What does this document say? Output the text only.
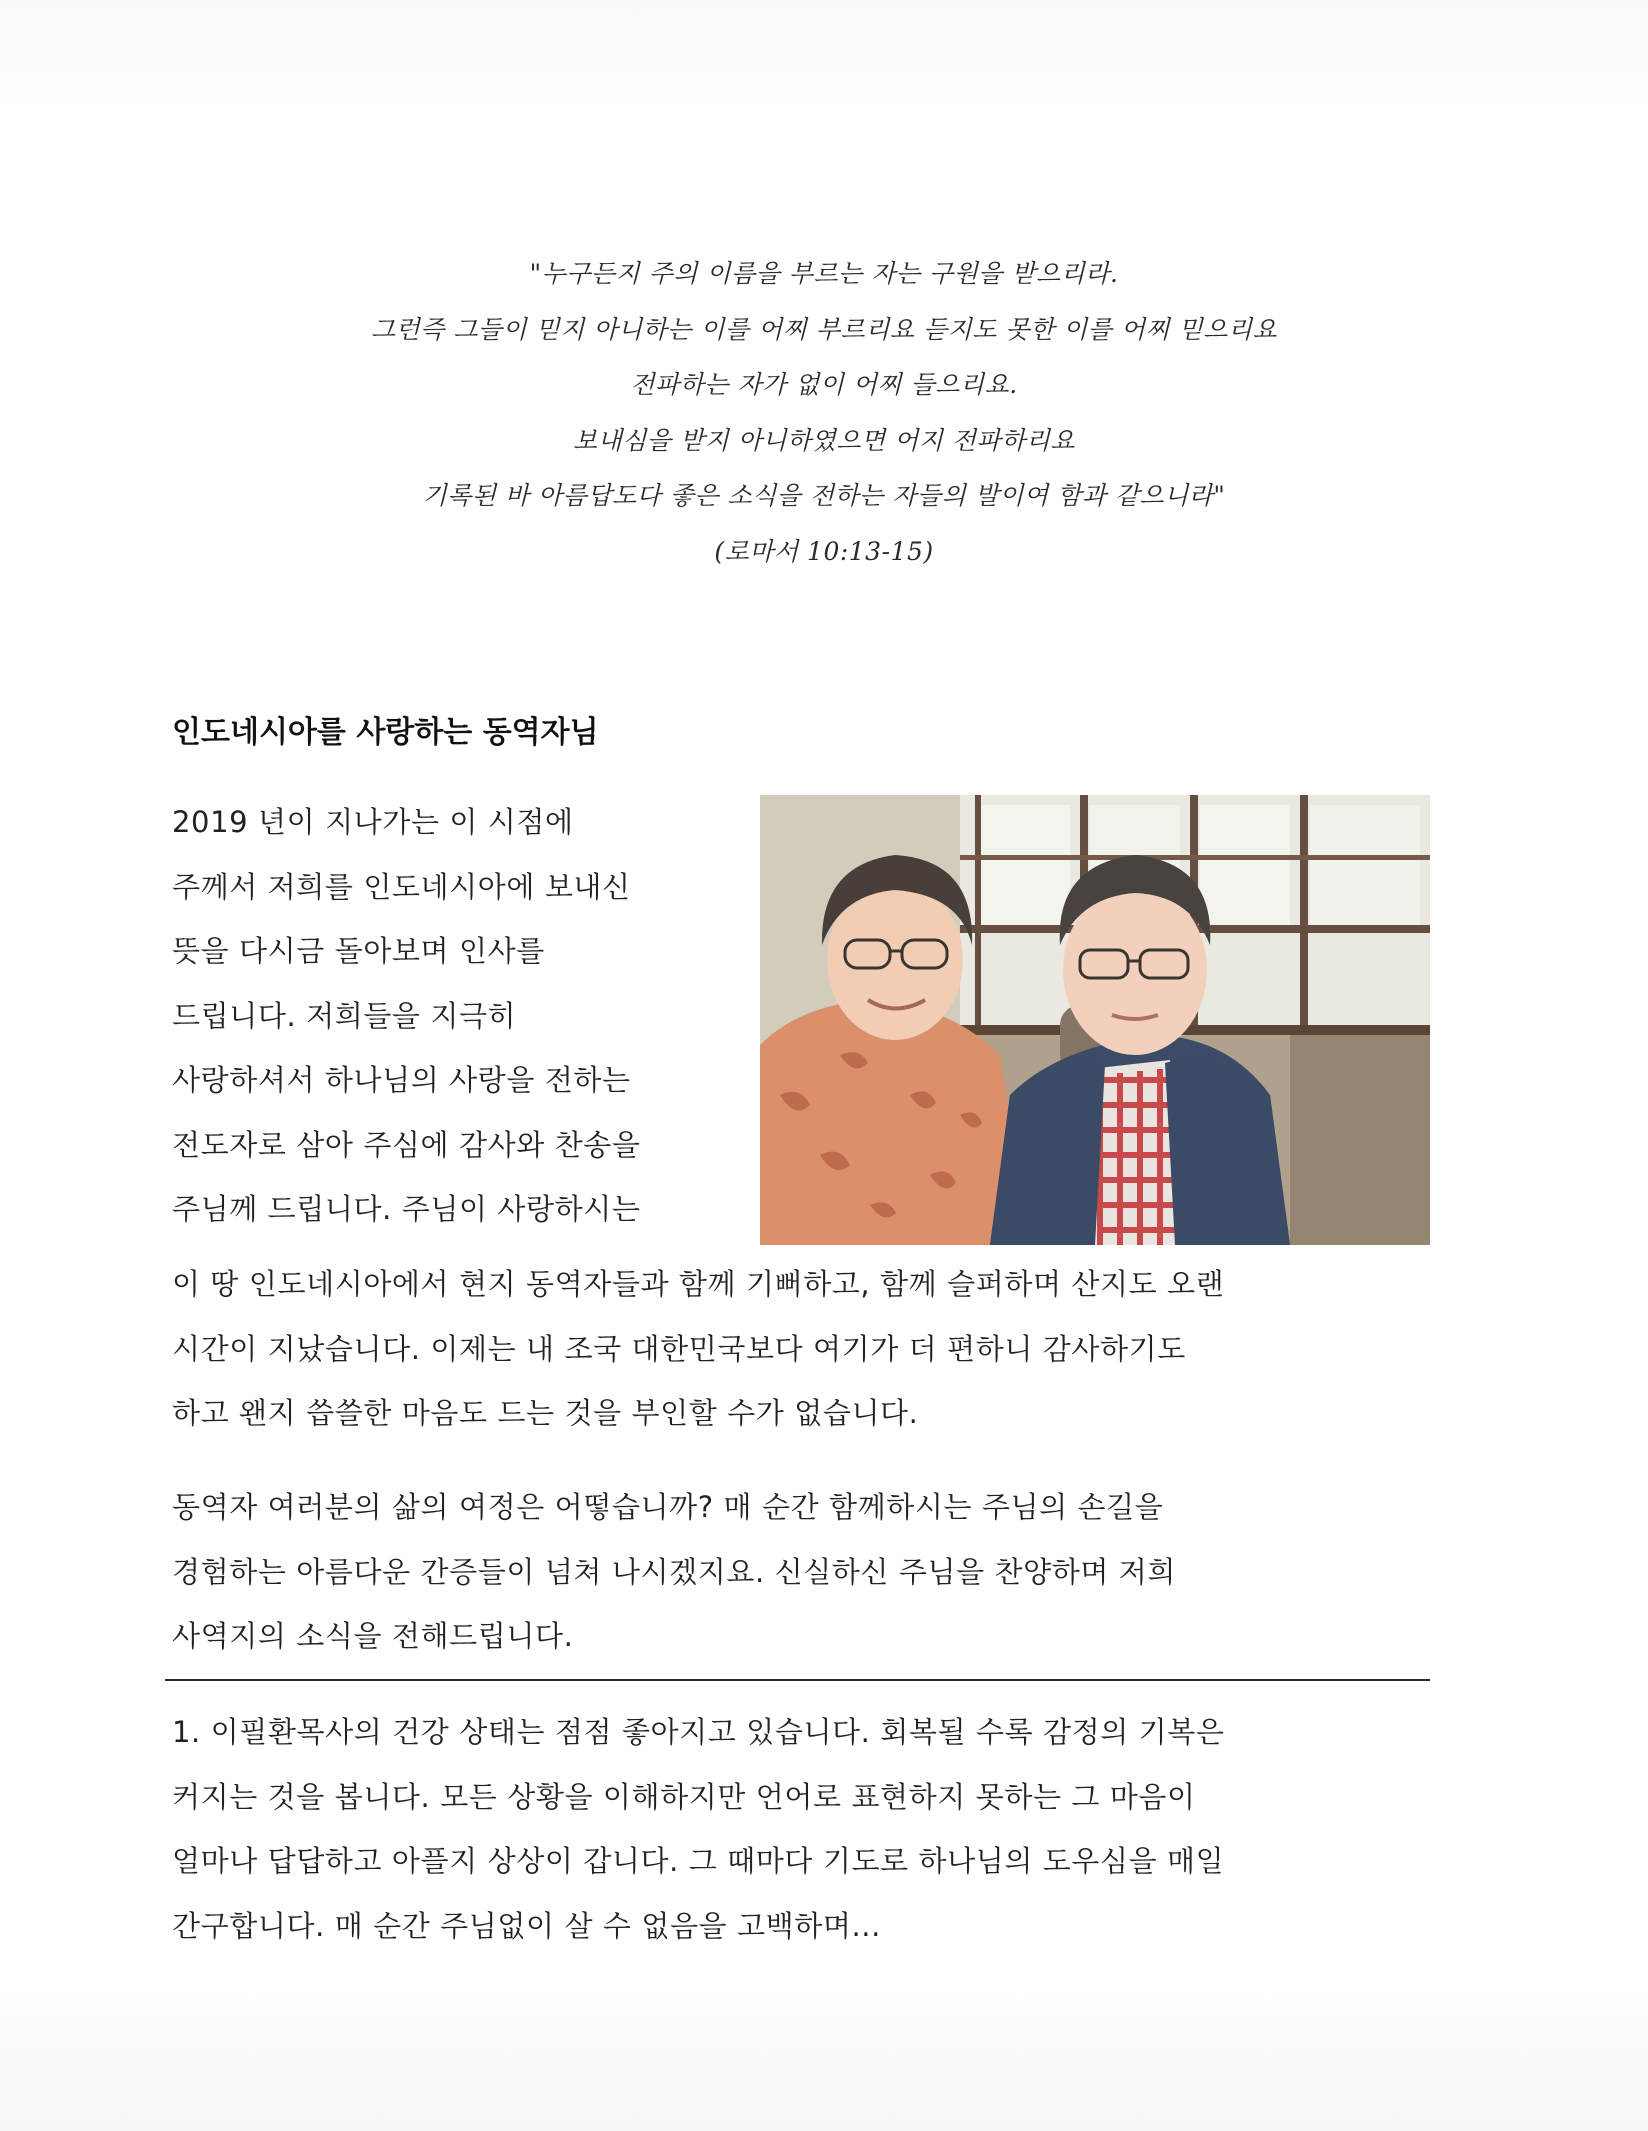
"누구든지 주의 이름을 부르는 자는 구원을 받으리라.
그런즉 그들이 믿지 아니하는 이를 어찌 부르리요 듣지도 못한 이를 어찌 믿으리요
전파하는 자가 없이 어찌 들으리요.
보내심을 받지 아니하였으면 어지 전파하리요
기록된 바 아름답도다 좋은 소식을 전하는 자들의 발이여 함과 같으니라"
(로마서 10:13-15)
인도네시아를 사랑하는 동역자님
2019 년이 지나가는 이 시점에
주께서 저희를 인도네시아에 보내신
뜻을 다시금 돌아보며 인사를
드립니다. 저희들을 지극히
사랑하셔서 하나님의 사랑을 전하는
전도자로 삼아 주심에 감사와 찬송을
주님께 드립니다. 주님이 사랑하시는
이 땅 인도네시아에서 현지 동역자들과 함께 기뻐하고, 함께 슬퍼하며 산지도 오랜
시간이 지났습니다. 이제는 내 조국 대한민국보다 여기가 더 편하니 감사하기도
하고 왠지 씁쓸한 마음도 드는 것을 부인할 수가 없습니다.
동역자 여러분의 삶의 여정은 어떻습니까? 매 순간 함께하시는 주님의 손길을
경험하는 아름다운 간증들이 넘쳐 나시겠지요. 신실하신 주님을 찬양하며 저희
사역지의 소식을 전해드립니다.
1. 이필환목사의 건강 상태는 점점 좋아지고 있습니다. 회복될 수록 감정의 기복은
커지는 것을 봅니다. 모든 상황을 이해하지만 언어로 표현하지 못하는 그 마음이
얼마나 답답하고 아플지 상상이 갑니다. 그 때마다 기도로 하나님의 도우심을 매일
간구합니다. 매 순간 주님없이 살 수 없음을 고백하며...
